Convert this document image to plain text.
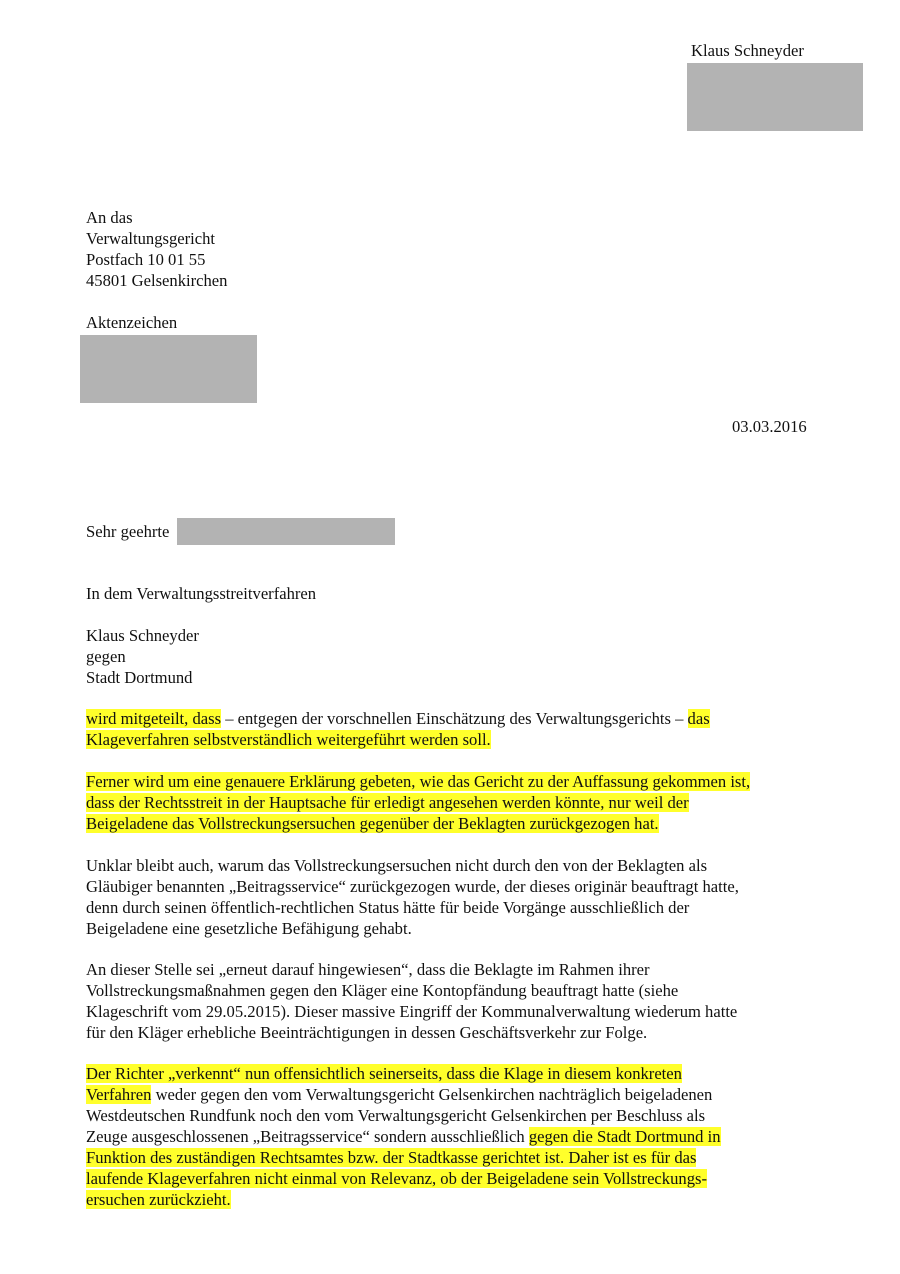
Klaus Schneyder
An das
Verwaltungsgericht
Postfach 10 01 55
45801 Gelsenkirchen
Aktenzeichen
03.03.2016
Sehr geehrte
In dem Verwaltungsstreitverfahren
Klaus Schneyder
gegen
Stadt Dortmund
wird mitgeteilt, dass – entgegen der vorschnellen Einschätzung des Verwaltungsgerichts – das
Klageverfahren selbstverständlich weitergeführt werden soll.
Ferner wird um eine genauere Erklärung gebeten, wie das Gericht zu der Auffassung gekommen ist,
dass der Rechtsstreit in der Hauptsache für erledigt angesehen werden könnte, nur weil der
Beigeladene das Vollstreckungsersuchen gegenüber der Beklagten zurückgezogen hat.
Unklar bleibt auch, warum das Vollstreckungsersuchen nicht durch den von der Beklagten als
Gläubiger benannten „Beitragsservice“ zurückgezogen wurde, der dieses originär beauftragt hatte,
denn durch seinen öffentlich-rechtlichen Status hätte für beide Vorgänge ausschließlich der
Beigeladene eine gesetzliche Befähigung gehabt.
An dieser Stelle sei „erneut darauf hingewiesen“, dass die Beklagte im Rahmen ihrer
Vollstreckungsmaßnahmen gegen den Kläger eine Kontopfändung beauftragt hatte (siehe
Klageschrift vom 29.05.2015). Dieser massive Eingriff der Kommunalverwaltung wiederum hatte
für den Kläger erhebliche Beeinträchtigungen in dessen Geschäftsverkehr zur Folge.
Der Richter „verkennt“ nun offensichtlich seinerseits, dass die Klage in diesem konkreten
Verfahren weder gegen den vom Verwaltungsgericht Gelsenkirchen nachträglich beigeladenen
Westdeutschen Rundfunk noch den vom Verwaltungsgericht Gelsenkirchen per Beschluss als
Zeuge ausgeschlossenen „Beitragsservice“ sondern ausschließlich gegen die Stadt Dortmund in
Funktion des zuständigen Rechtsamtes bzw. der Stadtkasse gerichtet ist. Daher ist es für das
laufende Klageverfahren nicht einmal von Relevanz, ob der Beigeladene sein Vollstreckungs-
ersuchen zurückzieht.
